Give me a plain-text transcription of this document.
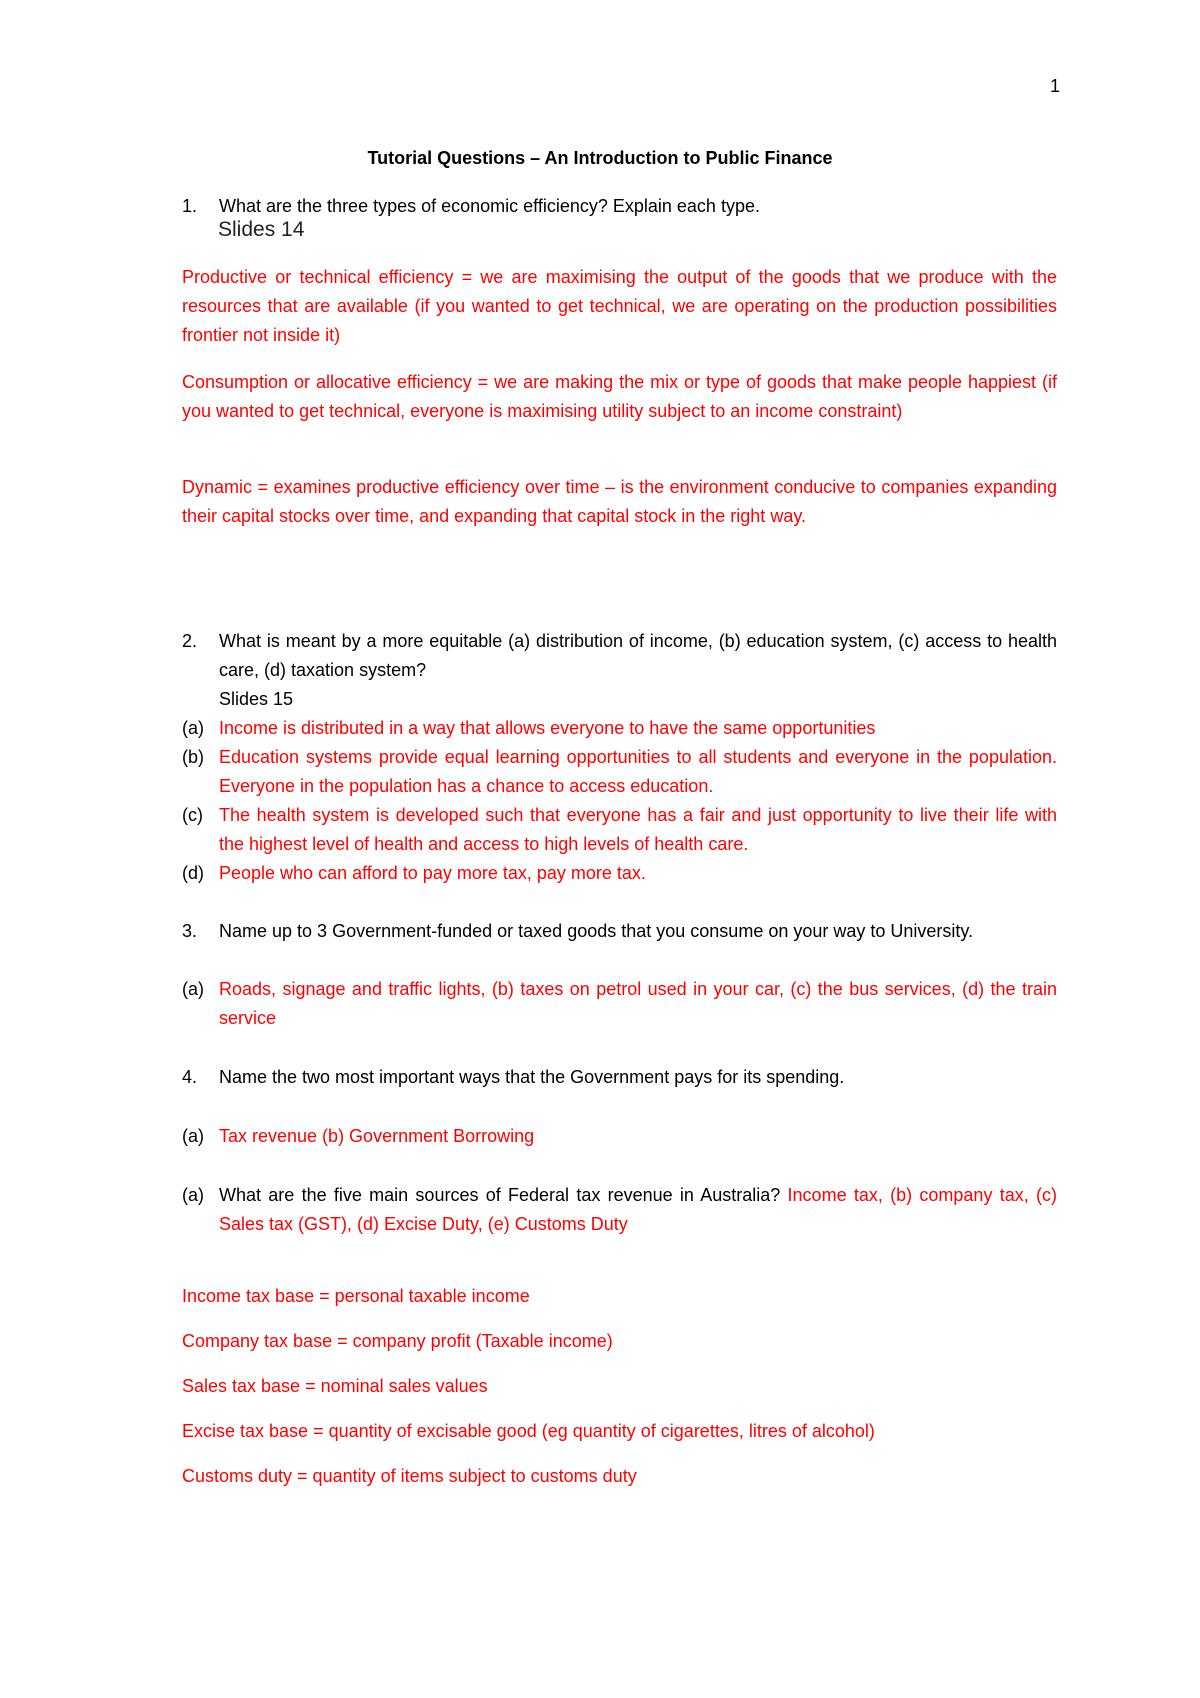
1
Tutorial Questions – An Introduction to Public Finance
1. What are the three types of economic efficiency? Explain each type.
Slides 14
Productive or technical efficiency = we are maximising the output of the goods that we produce with the resources that are available (if you wanted to get technical, we are operating on the production possibilities frontier not inside it)
Consumption or allocative efficiency = we are making the mix or type of goods that make people happiest (if you wanted to get technical, everyone is maximising utility subject to an income constraint)
Dynamic = examines productive efficiency over time – is the environment conducive to companies expanding their capital stocks over time, and expanding that capital stock in the right way.
2. What is meant by a more equitable (a) distribution of income, (b) education system, (c) access to health care, (d) taxation system?
Slides 15
(a) Income is distributed in a way that allows everyone to have the same opportunities
(b) Education systems provide equal learning opportunities to all students and everyone in the population. Everyone in the population has a chance to access education.
(c) The health system is developed such that everyone has a fair and just opportunity to live their life with the highest level of health and access to high levels of health care.
(d) People who can afford to pay more tax, pay more tax.
3. Name up to 3 Government-funded or taxed goods that you consume on your way to University.
(a) Roads, signage and traffic lights, (b) taxes on petrol used in your car, (c) the bus services, (d) the train service
4. Name the two most important ways that the Government pays for its spending.
(a) Tax revenue (b) Government Borrowing
(a) What are the five main sources of Federal tax revenue in Australia? Income tax, (b) company tax, (c) Sales tax (GST), (d) Excise Duty, (e) Customs Duty
Income tax base = personal taxable income
Company tax base = company profit (Taxable income)
Sales tax base = nominal sales values
Excise tax base = quantity of excisable good (eg quantity of cigarettes, litres of alcohol)
Customs duty = quantity of items subject to customs duty
